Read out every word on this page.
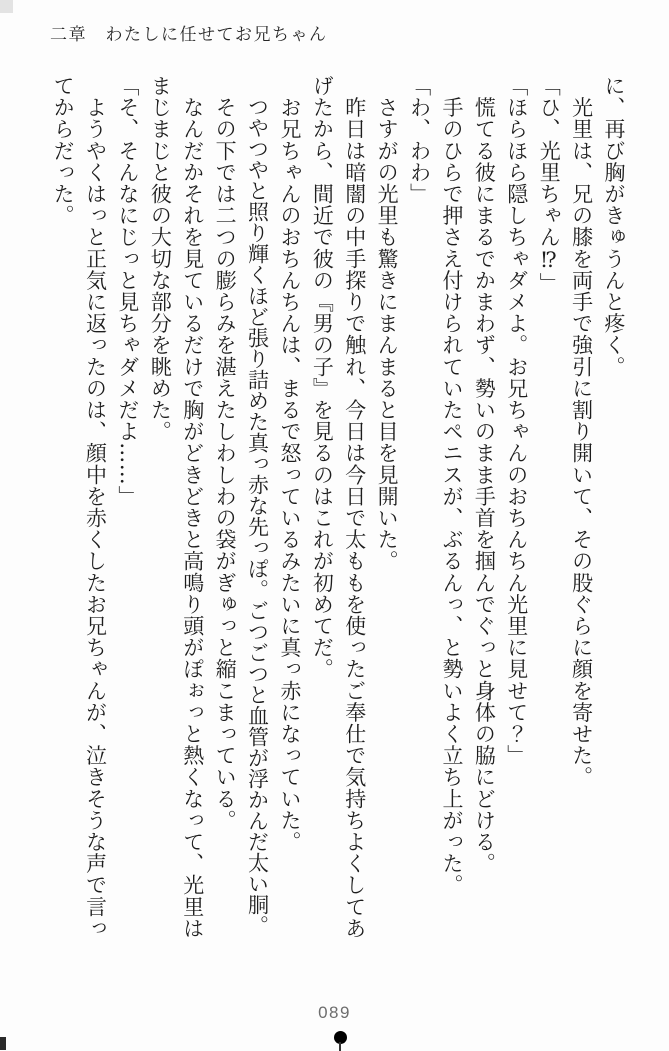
二章　わたしに任せてお兄ちゃん

に、再び胸がきゅうんと疼く。

　光里は、兄の膝を両手で強引に割り開いて、その股ぐらに顔を寄せた。

「ひ、光里ちゃん⁉」

「ほらほら隠しちゃダメよ。お兄ちゃんのおちんちん光里に見せて？」

　慌てる彼にまるでかまわず、勢いのまま手首を掴んでぐっと身体の脇にどける。

　手のひらで押さえ付けられていたペニスが、ぶるんっ、と勢いよく立ち上がった。

「わ、わわ」

　さすがの光里も驚きにまんまると目を見開いた。

　昨日は暗闇の中手探りで触れ、今日は今日で太ももを使ったご奉仕で気持ちよくしてあげたから、間近で彼の『男の子』を見るのはこれが初めてだ。

　お兄ちゃんのおちんちんは、まるで怒っているみたいに真っ赤になっていた。

　つやつやと照り輝くほど張り詰めた真っ赤な先っぽ。ごつごつと血管が浮かんだ太い胴。

　その下では二つの膨らみを湛えたしわしわの袋がぎゅっと縮こまっている。

　なんだかそれを見ているだけで胸がどきどきと高鳴り頭がぽぉっと熱くなって、光里はまじまじと彼の大切な部分を眺めた。

「そ、そんなにじっと見ちゃダメだよ……」

　ようやくはっと正気に返ったのは、顔中を赤くしたお兄ちゃんが、泣きそうな声で言ってからだった。

089
